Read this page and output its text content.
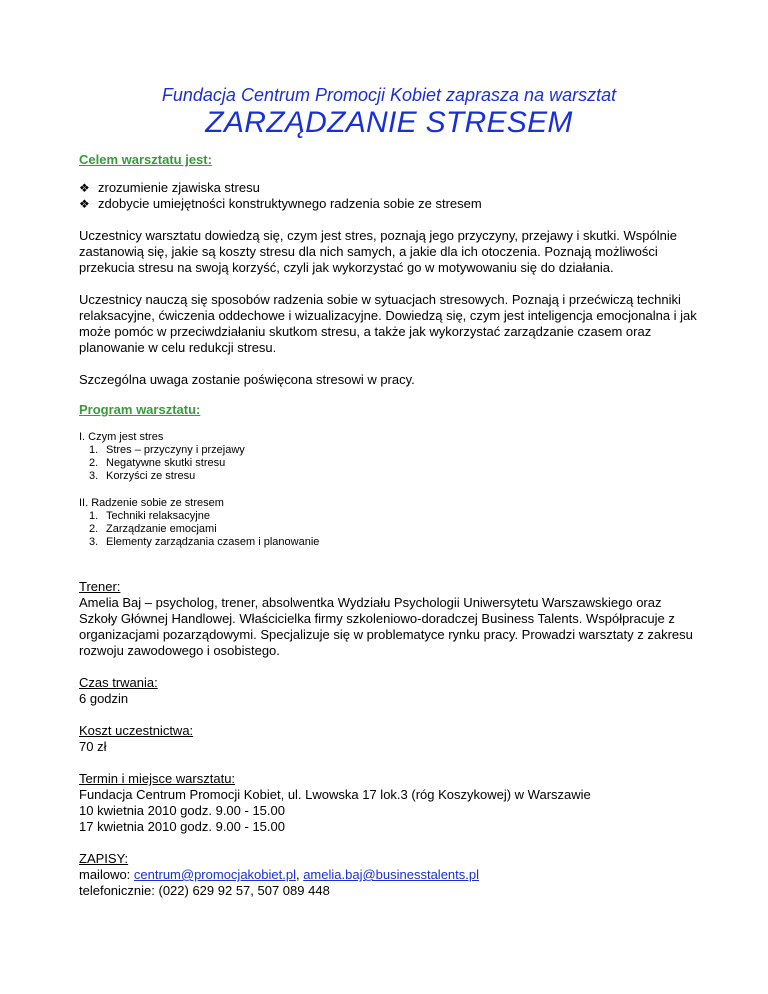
Fundacja Centrum Promocji Kobiet zaprasza na warsztat

ZARZĄDZANIE STRESEM

Celem warsztatu jest:

❖ zrozumienie zjawiska stresu
❖ zdobycie umiejętności konstruktywnego radzenia sobie ze stresem

Uczestnicy warsztatu dowiedzą się, czym jest stres, poznają jego przyczyny, przejawy i skutki. Wspólnie zastanowią się, jakie są koszty stresu dla nich samych, a jakie dla ich otoczenia. Poznają możliwości przekucia stresu na swoją korzyść, czyli jak wykorzystać go w motywowaniu się do działania.

Uczestnicy nauczą się sposobów radzenia sobie w sytuacjach stresowych. Poznają i przećwiczą techniki relaksacyjne, ćwiczenia oddechowe i wizualizacyjne. Dowiedzą się, czym jest inteligencja emocjonalna i jak może pomóc w przeciwdziałaniu skutkom stresu, a także jak wykorzystać zarządzanie czasem oraz planowanie w celu redukcji stresu.

Szczególna uwaga zostanie poświęcona stresowi w pracy.

Program warsztatu:

I. Czym jest stres

1. Stres – przyczyny i przejawy
2. Negatywne skutki stresu
3. Korzyści ze stresu

II. Radzenie sobie ze stresem

1. Techniki relaksacyjne
2. Zarządzanie emocjami
3. Elementy zarządzania czasem i planowanie

Trener:

Amelia Baj – psycholog, trener, absolwentka Wydziału Psychologii Uniwersytetu Warszawskiego oraz Szkoły Głównej Handlowej. Właścicielka firmy szkoleniowo-doradczej Business Talents. Współpracuje z organizacjami pozarządowymi. Specjalizuje się w problematyce rynku pracy. Prowadzi warsztaty z zakresu rozwoju zawodowego i osobistego.

Czas trwania:

6 godzin

Koszt uczestnictwa:

70 zł

Termin i miejsce warsztatu:

Fundacja Centrum Promocji Kobiet, ul. Lwowska 17 lok.3 (róg Koszykowej) w Warszawie

10 kwietnia 2010 godz. 9.00 - 15.00

17 kwietnia 2010 godz. 9.00 - 15.00

ZAPISY:

mailowo: centrum@promocjakobiet.pl, amelia.baj@businesstalents.pl

telefonicznie: (022) 629 92 57, 507 089 448
